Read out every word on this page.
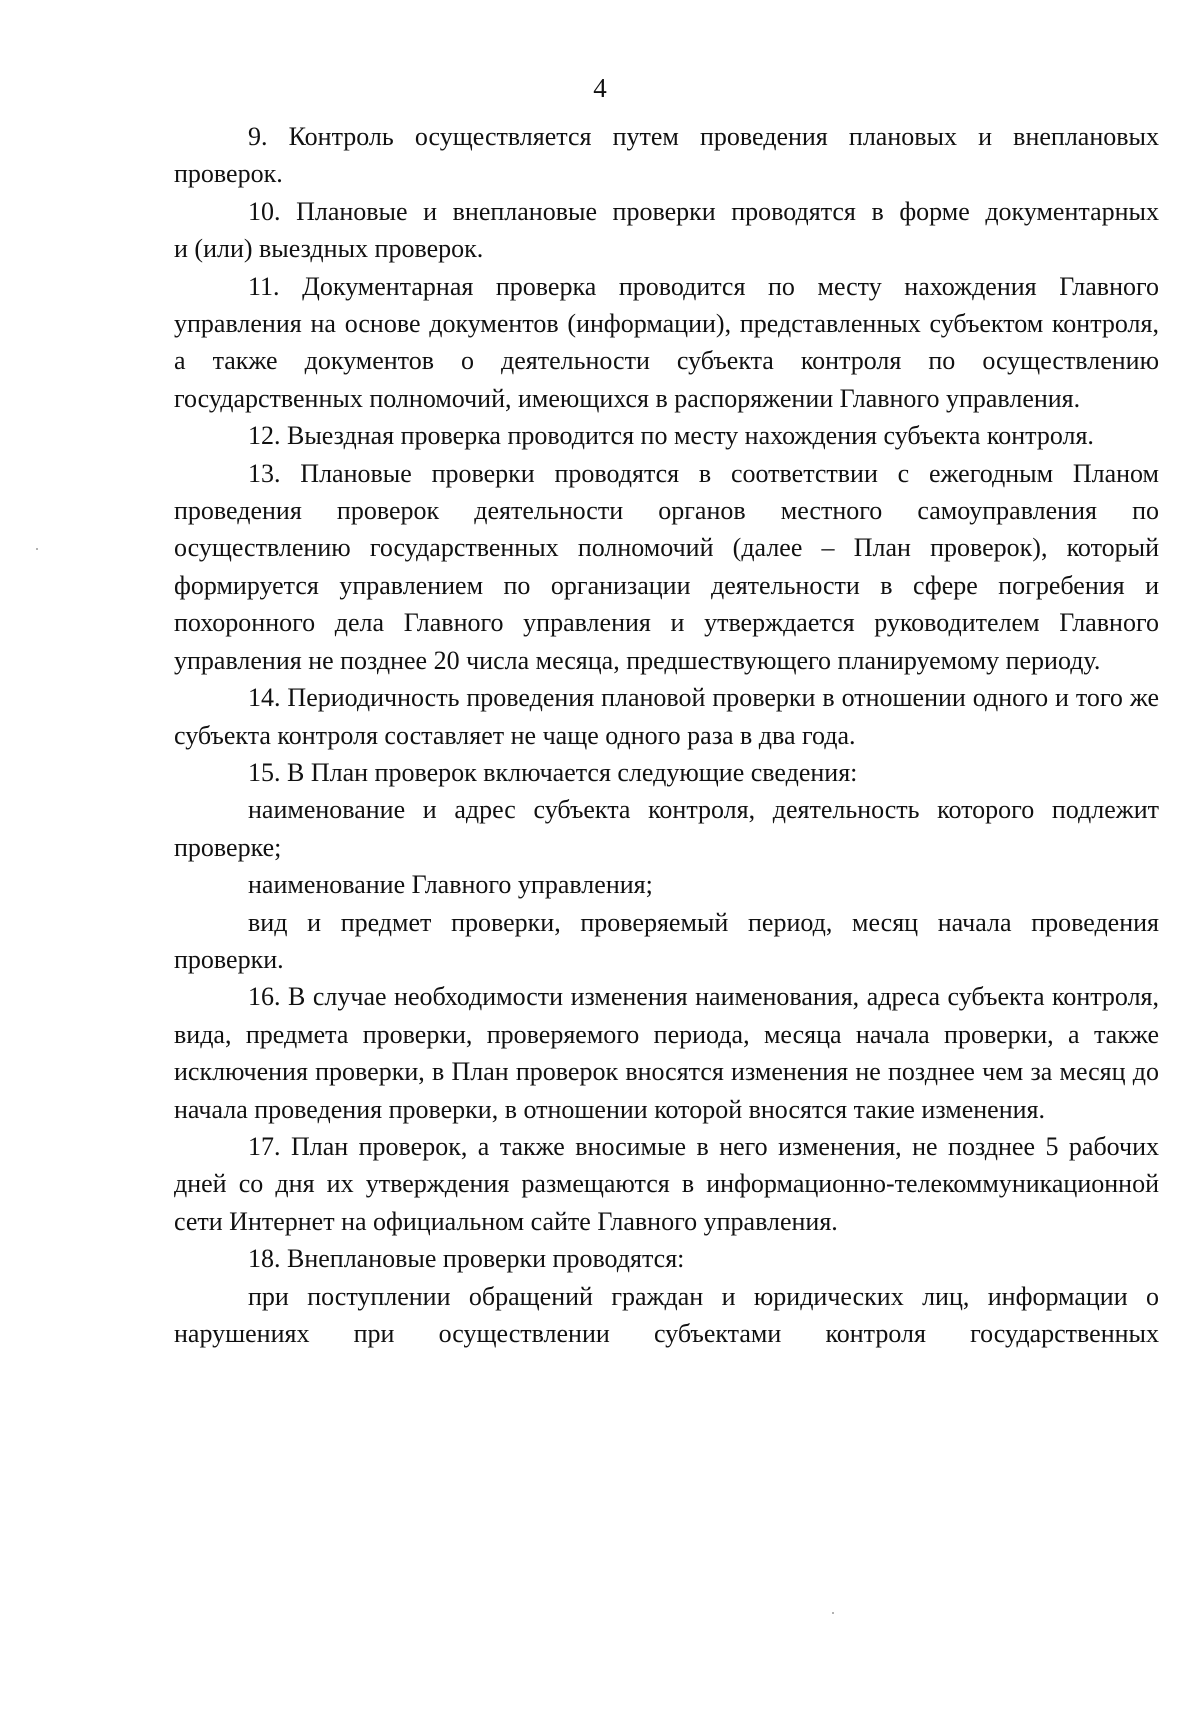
4

9. Контроль осуществляется путем проведения плановых и внеплановых проверок.

10. Плановые и внеплановые проверки проводятся в форме документарных

и (или) выездных проверок.

11. Документарная проверка проводится по месту нахождения Главного управления на основе документов (информации), представленных субъектом контроля, а также документов о деятельности субъекта контроля по осуществлению государственных полномочий, имеющихся в распоряжении Главного управления.

12. Выездная проверка проводится по месту нахождения субъекта контроля.

13. Плановые проверки проводятся в соответствии с ежегодным Планом проведения проверок деятельности органов местного самоуправления по осуществлению государственных полномочий (далее – План проверок), который формируется управлением по организации деятельности в сфере погребения и похоронного дела Главного управления и утверждается руководителем Главного управления не позднее 20 числа месяца, предшествующего планируемому периоду.

14. Периодичность проведения плановой проверки в отношении одного и того же субъекта контроля составляет не чаще одного раза в два года.

15. В План проверок включается следующие сведения:

наименование и адрес субъекта контроля, деятельность которого подлежит проверке;

наименование Главного управления;

вид и предмет проверки, проверяемый период, месяц начала проведения проверки.

16. В случае необходимости изменения наименования, адреса субъекта контроля, вида, предмета проверки, проверяемого периода, месяца начала проверки, а также исключения проверки, в План проверок вносятся изменения не позднее чем за месяц до начала проведения проверки, в отношении которой вносятся такие изменения.

17. План проверок, а также вносимые в него изменения, не позднее 5 рабочих дней со дня их утверждения размещаются в информационно-телекоммуникационной сети Интернет на официальном сайте Главного управления.

18. Внеплановые проверки проводятся:

при поступлении обращений граждан и юридических лиц, информации о нарушениях при осуществлении субъектами контроля государственных
